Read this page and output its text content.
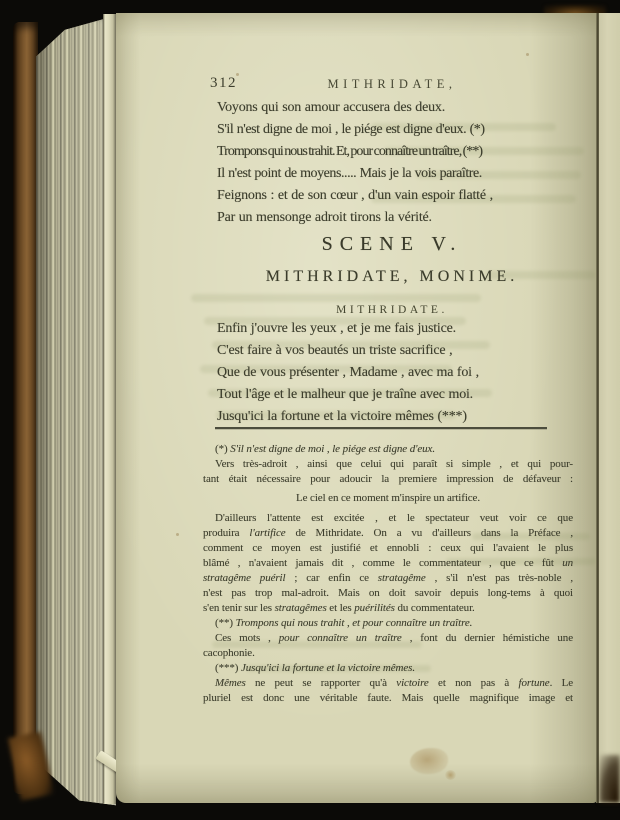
312	MITHRIDATE,
Voyons qui son amour accusera des deux.
S'il n'est digne de moi , le piége est digne d'eux. (*)
Trompons qui nous trahit. Et, pour connaître un traître, (**)
Il n'est point de moyens..... Mais je la vois paraître.
Feignons : et de son cœur , d'un vain espoir flatté ,
Par un mensonge adroit tirons la vérité.
SCENE V.
MITHRIDATE, MONIME.
MITHRIDATE.
Enfin j'ouvre les yeux , et je me fais justice.
C'est faire à vos beautés un triste sacrifice ,
Que de vous présenter , Madame , avec ma foi ,
Tout l'âge et le malheur que je traîne avec moi.
Jusqu'ici la fortune et la victoire mêmes (***)
(*) S'il n'est digne de moi , le piége est digne d'eux.
Vers très-adroit , ainsi que celui qui paraît si simple , et qui pour-
tant était nécessaire pour adoucir la premiere impression de défaveur :
Le ciel en ce moment m'inspire un artifice.
D'ailleurs l'attente est excitée , et le spectateur veut voir ce que
produira l'artifice de Mithridate. On a vu d'ailleurs dans la Préface ,
comment ce moyen est justifié et ennobli : ceux qui l'avaient le plus
blâmé , n'avaient jamais dit , comme le commentateur , que ce fût un
stratagême puéril ; car enfin ce stratagême , s'il n'est pas très-noble ,
n'est pas trop mal-adroit. Mais on doit savoir depuis long-tems à quoi
s'en tenir sur les stratagêmes et les puérilités du commentateur.
(**) Trompons qui nous trahit , et pour connaître un traître.
Ces mots , pour connaître un traître , font du dernier hémistiche une
cacophonie.
(***) Jusqu'ici la fortune et la victoire mêmes.
Mêmes ne peut se rapporter qu'à victoire et non pas à fortune. Le
pluriel est donc une véritable faute. Mais quelle magnifique image et
